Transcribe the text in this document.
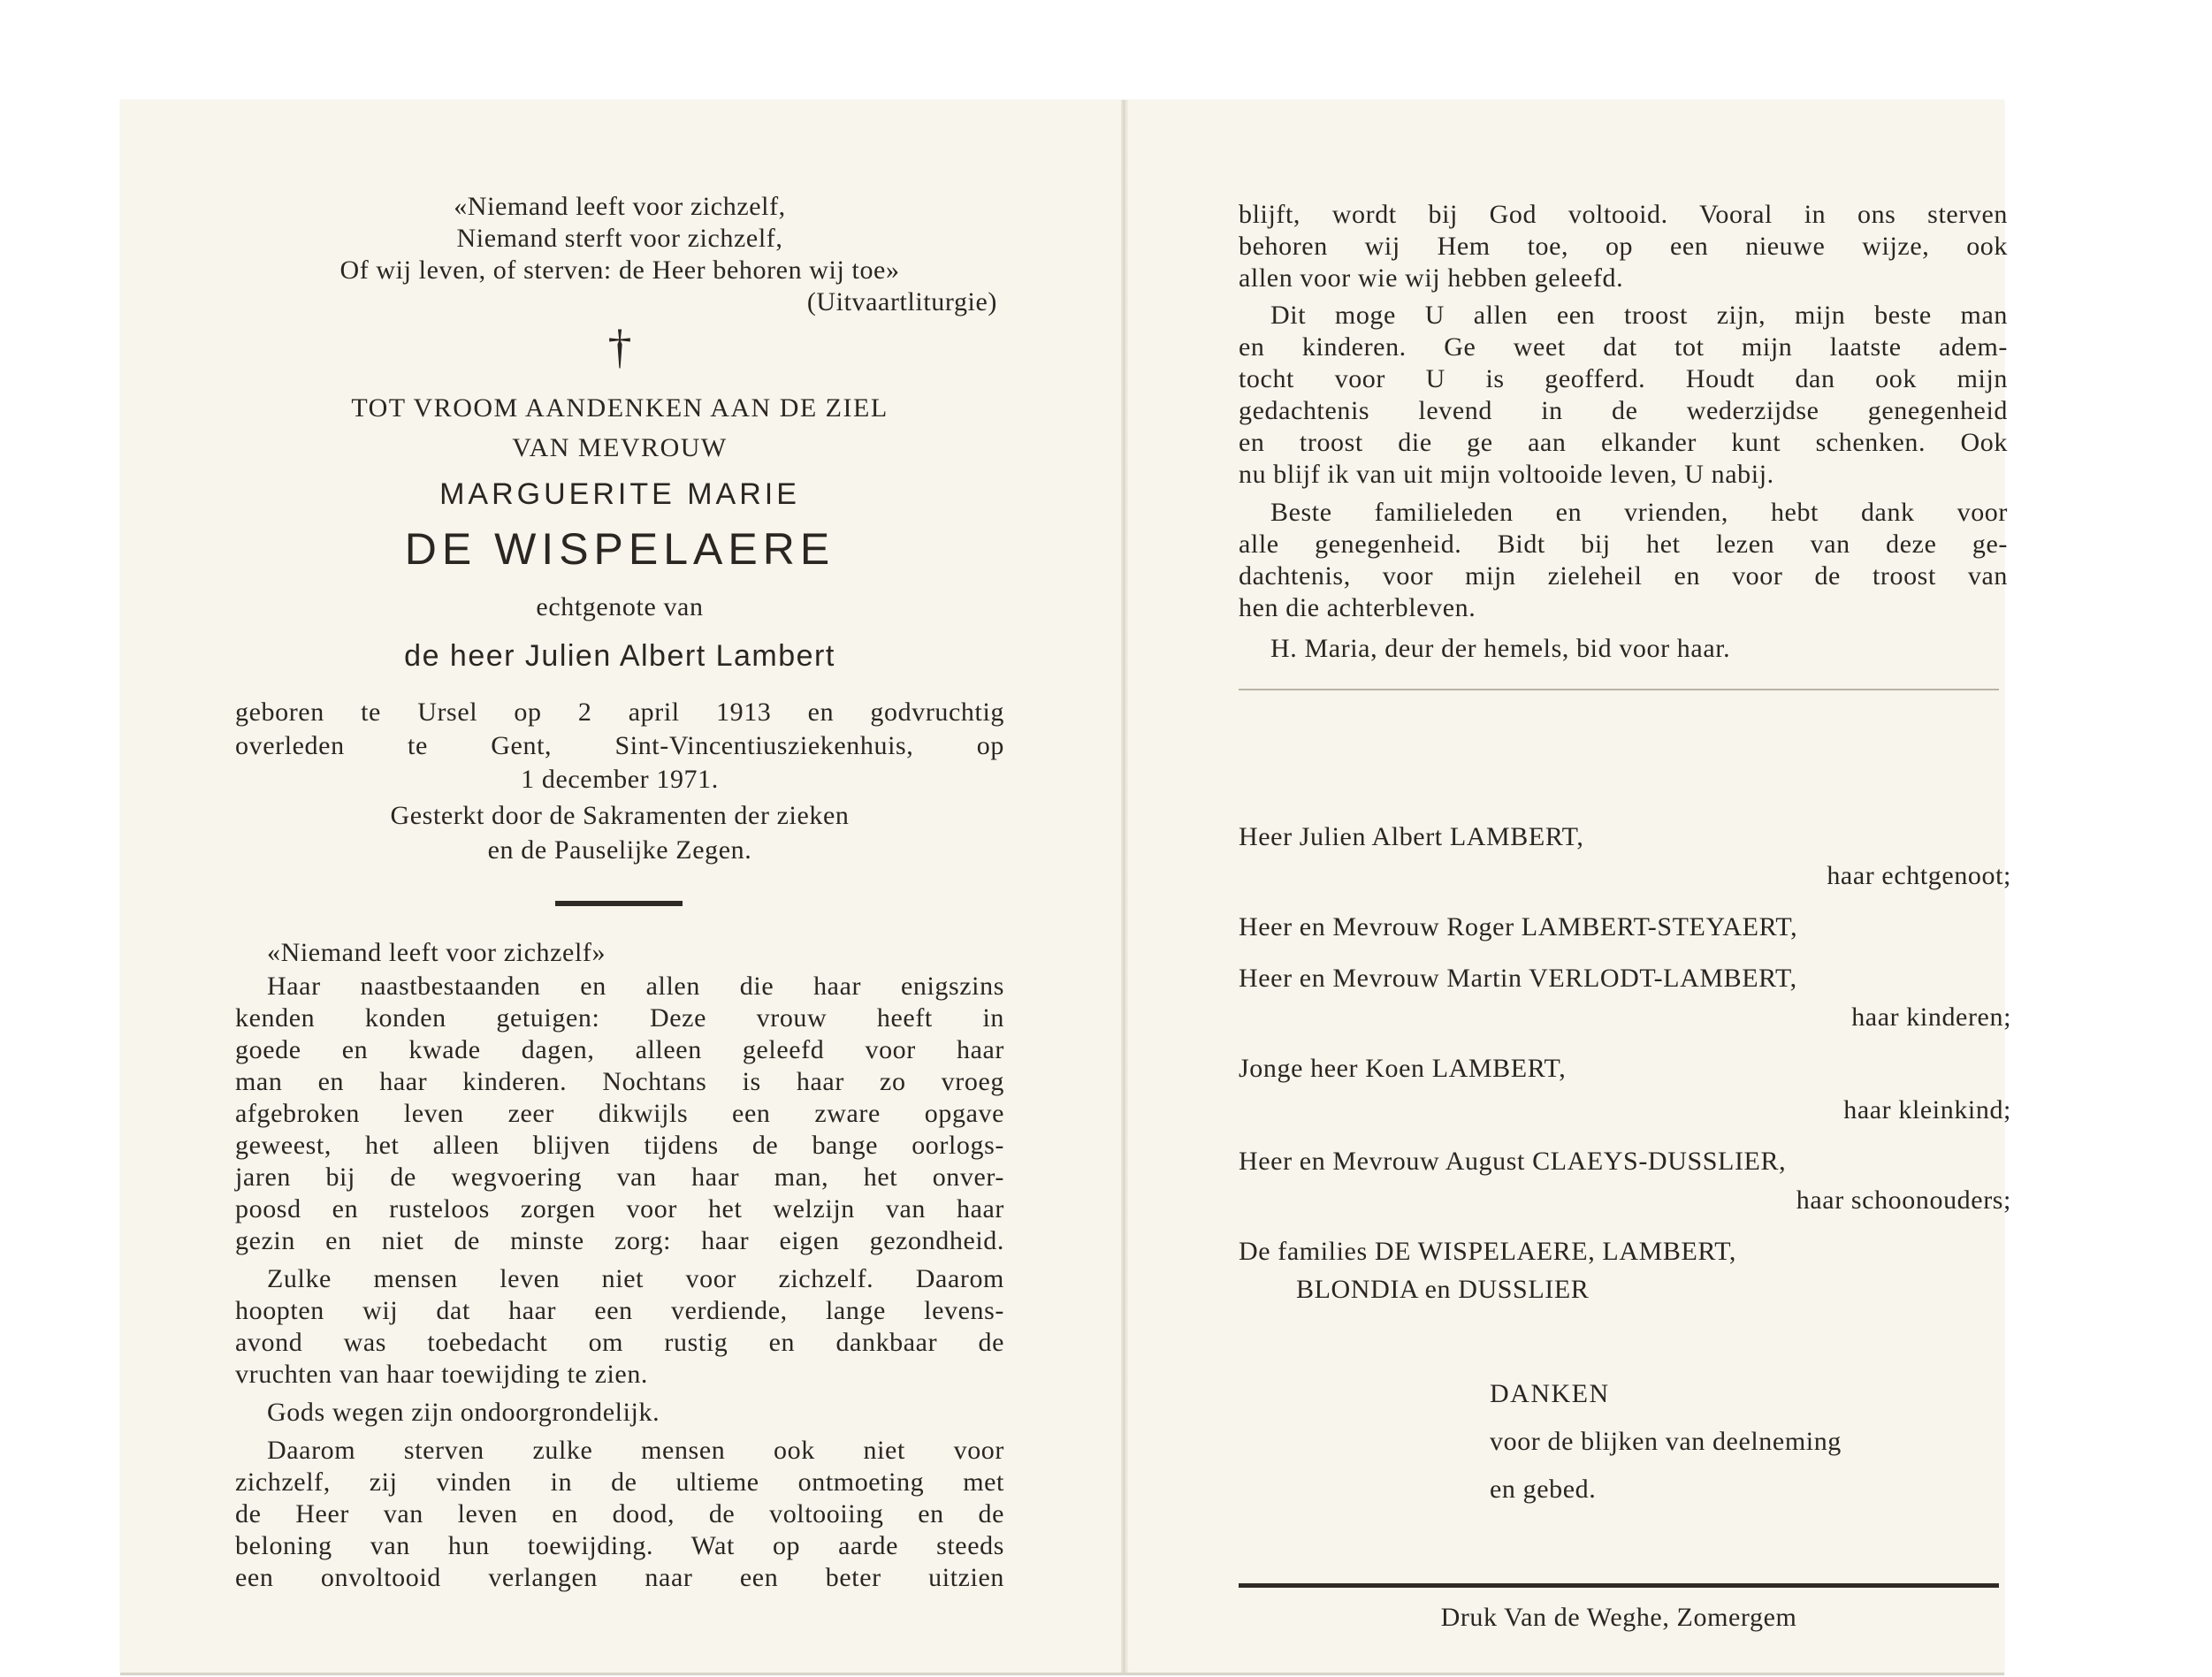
«Niemand leeft voor zichzelf,
Niemand sterft voor zichzelf,
Of wij leven, of sterven: de Heer behoren wij toe»
(Uitvaartliturgie)
†
TOT VROOM AANDENKEN AAN DE ZIEL
VAN MEVROUW
MARGUERITE MARIE
DE WISPELAERE
echtgenote van
de heer Julien Albert Lambert
geboren te Ursel op 2 april 1913 en godvruchtig
overleden te Gent, Sint-Vincentiusziekenhuis, op
1 december 1971.
Gesterkt door de Sakramenten der zieken
en de Pauselijke Zegen.
«Niemand leeft voor zichzelf»
Haar naastbestaanden en allen die haar enigszins
kenden konden getuigen: Deze vrouw heeft in
goede en kwade dagen, alleen geleefd voor haar
man en haar kinderen. Nochtans is haar zo vroeg
afgebroken leven zeer dikwijls een zware opgave
geweest, het alleen blijven tijdens de bange oorlogs-
jaren bij de wegvoering van haar man, het onver-
poosd en rusteloos zorgen voor het welzijn van haar
gezin en niet de minste zorg: haar eigen gezondheid.
Zulke mensen leven niet voor zichzelf. Daarom
hoopten wij dat haar een verdiende, lange levens-
avond was toebedacht om rustig en dankbaar de
vruchten van haar toewijding te zien.
Gods wegen zijn ondoorgrondelijk.
Daarom sterven zulke mensen ook niet voor
zichzelf, zij vinden in de ultieme ontmoeting met
de Heer van leven en dood, de voltooiing en de
beloning van hun toewijding. Wat op aarde steeds
een onvoltooid verlangen naar een beter uitzien
blijft, wordt bij God voltooid. Vooral in ons sterven
behoren wij Hem toe, op een nieuwe wijze, ook
allen voor wie wij hebben geleefd.
Dit moge U allen een troost zijn, mijn beste man
en kinderen. Ge weet dat tot mijn laatste adem-
tocht voor U is geofferd. Houdt dan ook mijn
gedachtenis levend in de wederzijdse genegenheid
en troost die ge aan elkander kunt schenken. Ook
nu blijf ik van uit mijn voltooide leven, U nabij.
Beste familieleden en vrienden, hebt dank voor
alle genegenheid. Bidt bij het lezen van deze ge-
dachtenis, voor mijn zieleheil en voor de troost van
hen die achterbleven.
H. Maria, deur der hemels, bid voor haar.
Heer Julien Albert LAMBERT,
haar echtgenoot;
Heer en Mevrouw Roger LAMBERT-STEYAERT,
Heer en Mevrouw Martin VERLODT-LAMBERT,
haar kinderen;
Jonge heer Koen LAMBERT,
haar kleinkind;
Heer en Mevrouw August CLAEYS-DUSSLIER,
haar schoonouders;
De families DE WISPELAERE, LAMBERT,
BLONDIA en DUSSLIER
DANKEN
voor de blijken van deelneming
en gebed.
Druk Van de Weghe, Zomergem
